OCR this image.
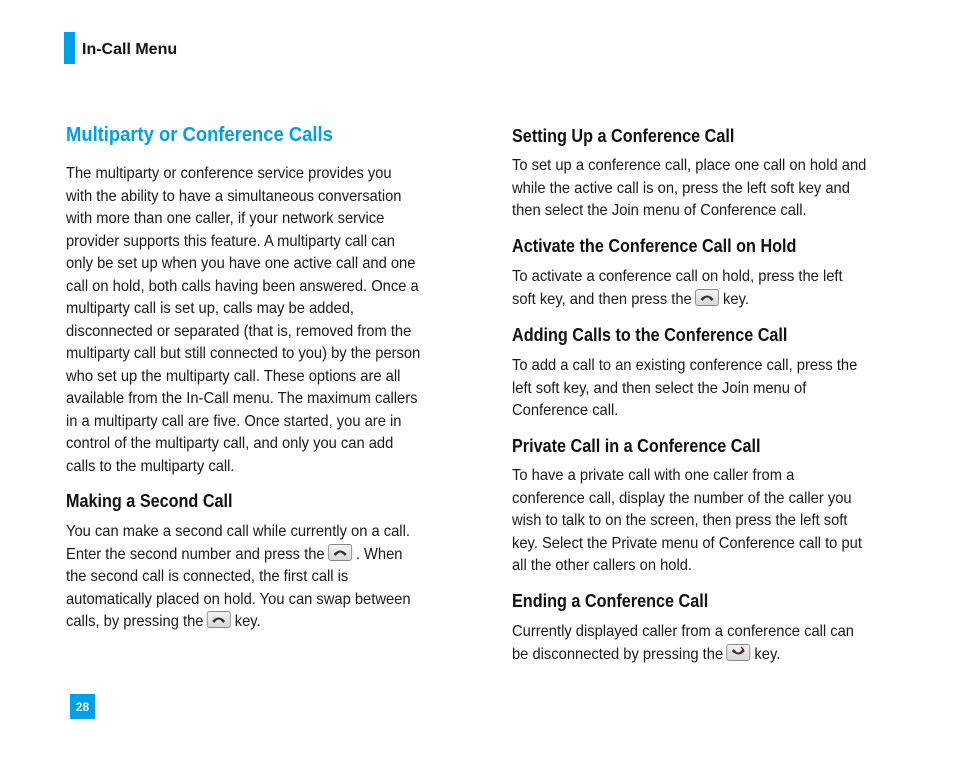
In-Call Menu
Multiparty or Conference Calls
The multiparty or conference service provides you
with the ability to have a simultaneous conversation
with more than one caller, if your network service
provider supports this feature. A multiparty call can
only be set up when you have one active call and one
call on hold, both calls having been answered. Once a
multiparty call is set up, calls may be added,
disconnected or separated (that is, removed from the
multiparty call but still connected to you) by the person
who set up the multiparty call. These options are all
available from the In-Call menu. The maximum callers
in a multiparty call are five. Once started, you are in
control of the multiparty call, and only you can add
calls to the multiparty call.
Making a Second Call
You can make a second call while currently on a call.
Enter the second number and press the . When
the second call is connected, the first call is
automatically placed on hold. You can swap between
calls, by pressing the key.
Setting Up a Conference Call
To set up a conference call, place one call on hold and
while the active call is on, press the left soft key and
then select the Join menu of Conference call.
Activate the Conference Call on Hold
To activate a conference call on hold, press the left
soft key, and then press the key.
Adding Calls to the Conference Call
To add a call to an existing conference call, press the
left soft key, and then select the Join menu of
Conference call.
Private Call in a Conference Call
To have a private call with one caller from a
conference call, display the number of the caller you
wish to talk to on the screen, then press the left soft
key. Select the Private menu of Conference call to put
all the other callers on hold.
Ending a Conference Call
Currently displayed caller from a conference call can
be disconnected by pressing the key.
28
